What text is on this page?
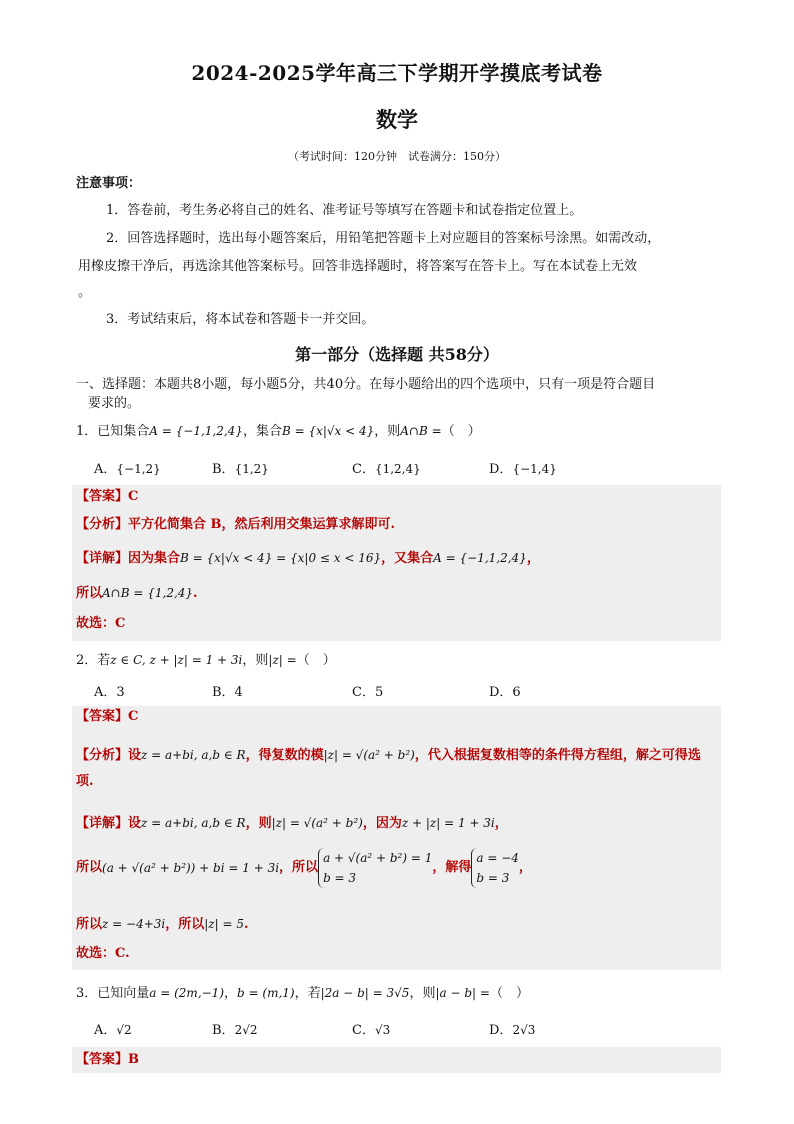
2024-2025学年高三下学期开学摸底考试卷
数学
（考试时间：120分钟　试卷满分：150分）
注意事项：
1．答卷前，考生务必将自己的姓名、准考证号等填写在答题卡和试卷指定位置上。
2．回答选择题时，选出每小题答案后，用铅笔把答题卡上对应题目的答案标号涂黑。如需改动，
用橡皮擦干净后，再选涂其他答案标号。回答非选择题时，将答案写在答卡上。写在本试卷上无效
。
3．考试结束后，将本试卷和答题卡一并交回。
第一部分（选择题 共58分）
一、选择题：本题共8小题，每小题5分，共40分。在每小题给出的四个选项中，只有一项是符合题目
要求的。
1．已知集合A = {−1,1,2,4}，集合B = {x|√x < 4}，则A∩B =（　）
A．{−1,2}	B．{1,2}	C．{1,2,4}	D．{−1,4}
【答案】C
【分析】平方化简集合 B，然后利用交集运算求解即可.
【详解】因为集合B = {x|√x < 4} = {x|0 ≤ x < 16}，又集合A = {−1,1,2,4}，
所以A∩B = {1,2,4}.
故选：C
2．若z ∈ C, z + |z| = 1 + 3i，则|z| =（　）
A．3	B．4	C．5	D．6
【答案】C
【分析】设z = a+bi, a,b ∈ R，得复数的模|z| = √(a² + b²)，代入根据复数相等的条件得方程组，解之可得选
项.
【详解】设z = a+bi, a,b ∈ R，则|z| = √(a² + b²)，因为z + |z| = 1 + 3i，
所以(a + √(a² + b²)) + bi = 1 + 3i，所以
a + √(a² + b²) = 1
b = 3
，解得
a = −4
b = 3
，
所以z = −4+3i，所以|z| = 5.
故选：C.
3．已知向量a = (2m,−1)，b = (m,1)，若|2a − b| = 3√5，则|a − b| =（　）
A．√2	B．2√2	C．√3	D．2√3
【答案】B
